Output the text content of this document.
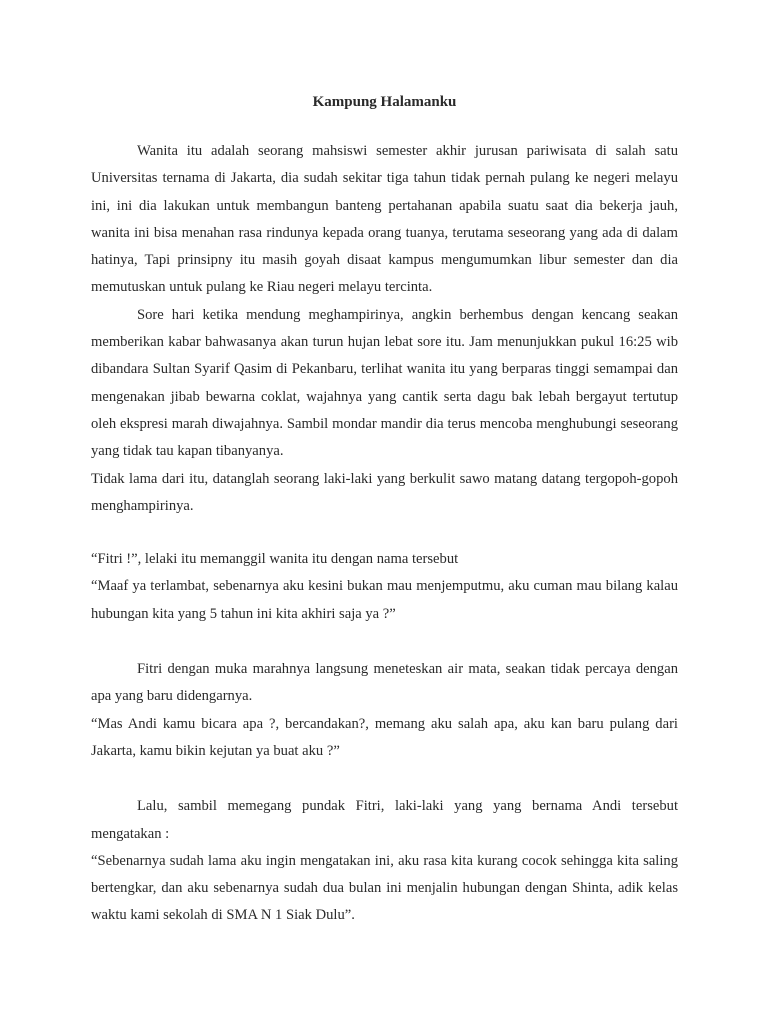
Kampung Halamanku

Wanita itu adalah seorang mahsiswi semester akhir jurusan pariwisata di salah satu Universitas ternama di Jakarta, dia sudah sekitar tiga tahun tidak pernah pulang ke negeri melayu ini, ini dia lakukan untuk membangun banteng pertahanan apabila suatu saat dia bekerja jauh, wanita ini bisa menahan rasa rindunya kepada orang tuanya, terutama seseorang yang ada di dalam hatinya, Tapi prinsipny itu masih goyah disaat kampus mengumumkan libur semester dan dia memutuskan untuk pulang ke Riau negeri melayu tercinta.

Sore hari ketika mendung meghampirinya, angkin berhembus dengan kencang seakan memberikan kabar bahwasanya akan turun hujan lebat sore itu. Jam menunjukkan pukul 16:25 wib dibandara Sultan Syarif Qasim di Pekanbaru, terlihat wanita itu yang berparas tinggi semampai dan mengenakan jibab bewarna coklat, wajahnya yang cantik serta dagu bak lebah bergayut tertutup oleh ekspresi marah diwajahnya. Sambil mondar mandir dia terus mencoba menghubungi seseorang yang tidak tau kapan tibanyanya.

Tidak lama dari itu, datanglah seorang laki-laki yang berkulit sawo matang datang tergopoh-gopoh menghampirinya.

“Fitri !”, lelaki itu memanggil wanita itu dengan nama tersebut

“Maaf ya terlambat, sebenarnya aku kesini bukan mau menjemputmu, aku cuman mau bilang kalau hubungan kita yang 5 tahun ini kita akhiri saja ya ?”

Fitri dengan muka marahnya langsung meneteskan air mata, seakan tidak percaya dengan apa yang baru didengarnya.

“Mas Andi kamu bicara apa ?, bercandakan?, memang aku salah apa, aku kan baru pulang dari Jakarta, kamu bikin kejutan ya buat aku ?”

Lalu, sambil memegang pundak Fitri, laki-laki yang yang bernama Andi tersebut mengatakan :

“Sebenarnya sudah lama aku ingin mengatakan ini, aku rasa kita kurang cocok sehingga kita saling bertengkar, dan aku sebenarnya sudah dua bulan ini menjalin hubungan dengan Shinta, adik kelas waktu kami sekolah di SMA N 1 Siak Dulu”.
